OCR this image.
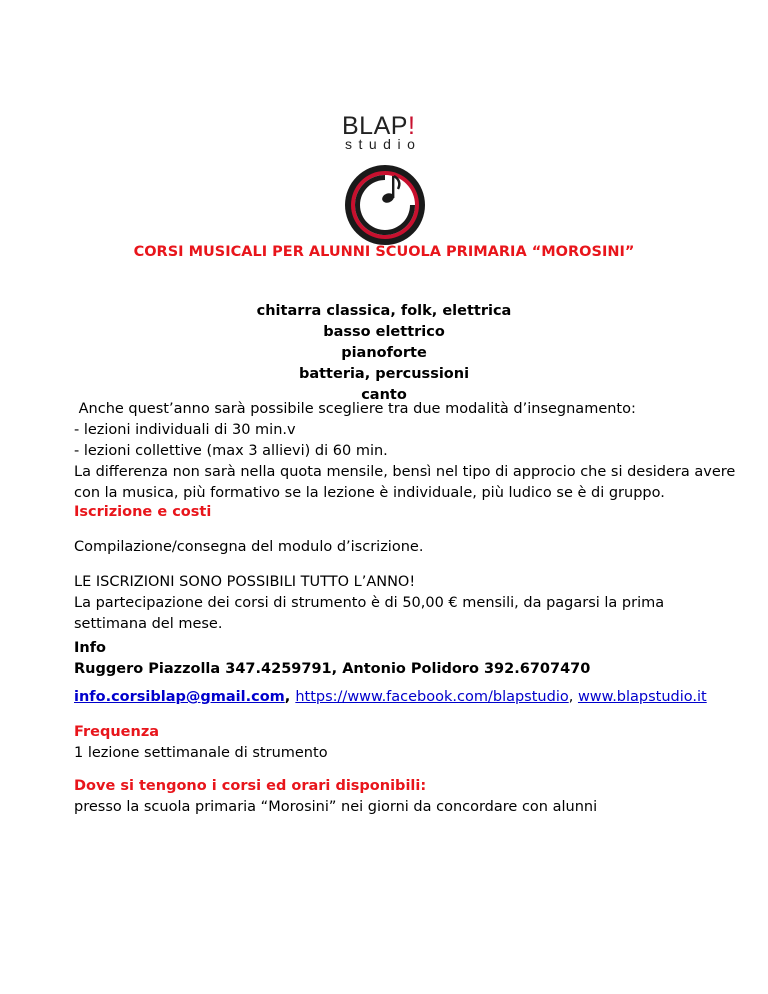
BLAP!
studio
CORSI MUSICALI PER ALUNNI SCUOLA PRIMARIA “MOROSINI”
chitarra classica, folk, elettrica
basso elettrico
pianoforte
batteria, percussioni
canto
Anche quest’anno sarà possibile scegliere tra due modalità d’insegnamento:
- lezioni individuali di 30 min.v
- lezioni collettive (max 3 allievi) di 60 min.
La differenza non sarà nella quota mensile, bensì nel tipo di approcio che si desidera avere
con la musica, più formativo se la lezione è individuale, più ludico se è di gruppo.
Iscrizione e costi
Compilazione/consegna del modulo d’iscrizione.
LE ISCRIZIONI SONO POSSIBILI TUTTO L’ANNO!
La partecipazione dei corsi di strumento è di 50,00 € mensili, da pagarsi la prima
settimana del mese.
Info
Ruggero Piazzolla 347.4259791, Antonio Polidoro 392.6707470
info.corsiblap@gmail.com, https://www.facebook.com/blapstudio, www.blapstudio.it
Frequenza
1 lezione settimanale di strumento
Dove si tengono i corsi ed orari disponibili:
presso la scuola primaria “Morosini” nei giorni da concordare con alunni
